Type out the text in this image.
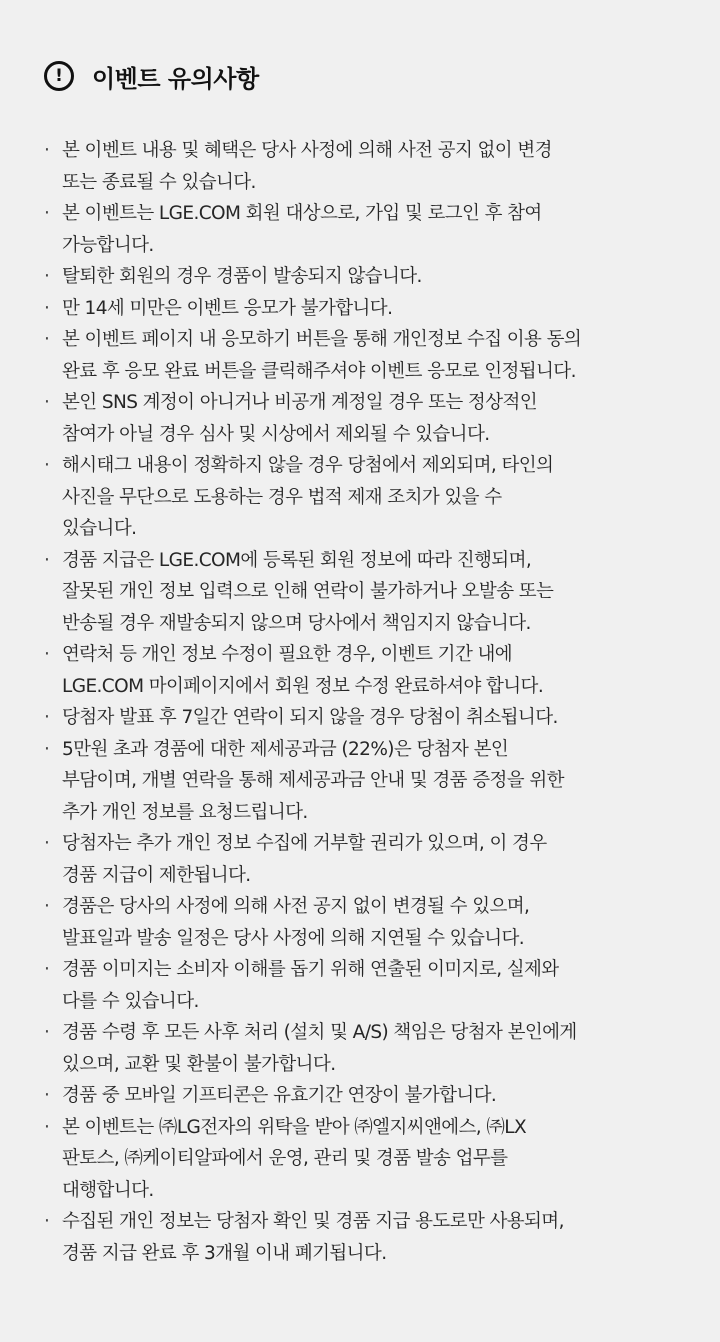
!	이벤트 유의사항
· 본 이벤트 내용 및 혜택은 당사 사정에 의해 사전 공지 없이 변경
또는 종료될 수 있습니다.
· 본 이벤트는 LGE.COM 회원 대상으로, 가입 및 로그인 후 참여
가능합니다.
· 탈퇴한 회원의 경우 경품이 발송되지 않습니다.
· 만 14세 미만은 이벤트 응모가 불가합니다.
· 본 이벤트 페이지 내 응모하기 버튼을 통해 개인정보 수집 이용 동의
완료 후 응모 완료 버튼을 클릭해주셔야 이벤트 응모로 인정됩니다.
· 본인 SNS 계정이 아니거나 비공개 계정일 경우 또는 정상적인
참여가 아닐 경우 심사 및 시상에서 제외될 수 있습니다.
· 해시태그 내용이 정확하지 않을 경우 당첨에서 제외되며, 타인의
사진을 무단으로 도용하는 경우 법적 제재 조치가 있을 수
있습니다.
· 경품 지급은 LGE.COM에 등록된 회원 정보에 따라 진행되며,
잘못된 개인 정보 입력으로 인해 연락이 불가하거나 오발송 또는
반송될 경우 재발송되지 않으며 당사에서 책임지지 않습니다.
· 연락처 등 개인 정보 수정이 필요한 경우, 이벤트 기간 내에
LGE.COM 마이페이지에서 회원 정보 수정 완료하셔야 합니다.
· 당첨자 발표 후 7일간 연락이 되지 않을 경우 당첨이 취소됩니다.
· 5만원 초과 경품에 대한 제세공과금 (22%)은 당첨자 본인
부담이며, 개별 연락을 통해 제세공과금 안내 및 경품 증정을 위한
추가 개인 정보를 요청드립니다.
· 당첨자는 추가 개인 정보 수집에 거부할 권리가 있으며, 이 경우
경품 지급이 제한됩니다.
· 경품은 당사의 사정에 의해 사전 공지 없이 변경될 수 있으며,
발표일과 발송 일정은 당사 사정에 의해 지연될 수 있습니다.
· 경품 이미지는 소비자 이해를 돕기 위해 연출된 이미지로, 실제와
다를 수 있습니다.
· 경품 수령 후 모든 사후 처리 (설치 및 A/S) 책임은 당첨자 본인에게
있으며, 교환 및 환불이 불가합니다.
· 경품 중 모바일 기프티콘은 유효기간 연장이 불가합니다.
· 본 이벤트는 ㈜LG전자의 위탁을 받아 ㈜엘지씨앤에스, ㈜LX
판토스, ㈜케이티알파에서 운영, 관리 및 경품 발송 업무를
대행합니다.
· 수집된 개인 정보는 당첨자 확인 및 경품 지급 용도로만 사용되며,
경품 지급 완료 후 3개월 이내 폐기됩니다.
